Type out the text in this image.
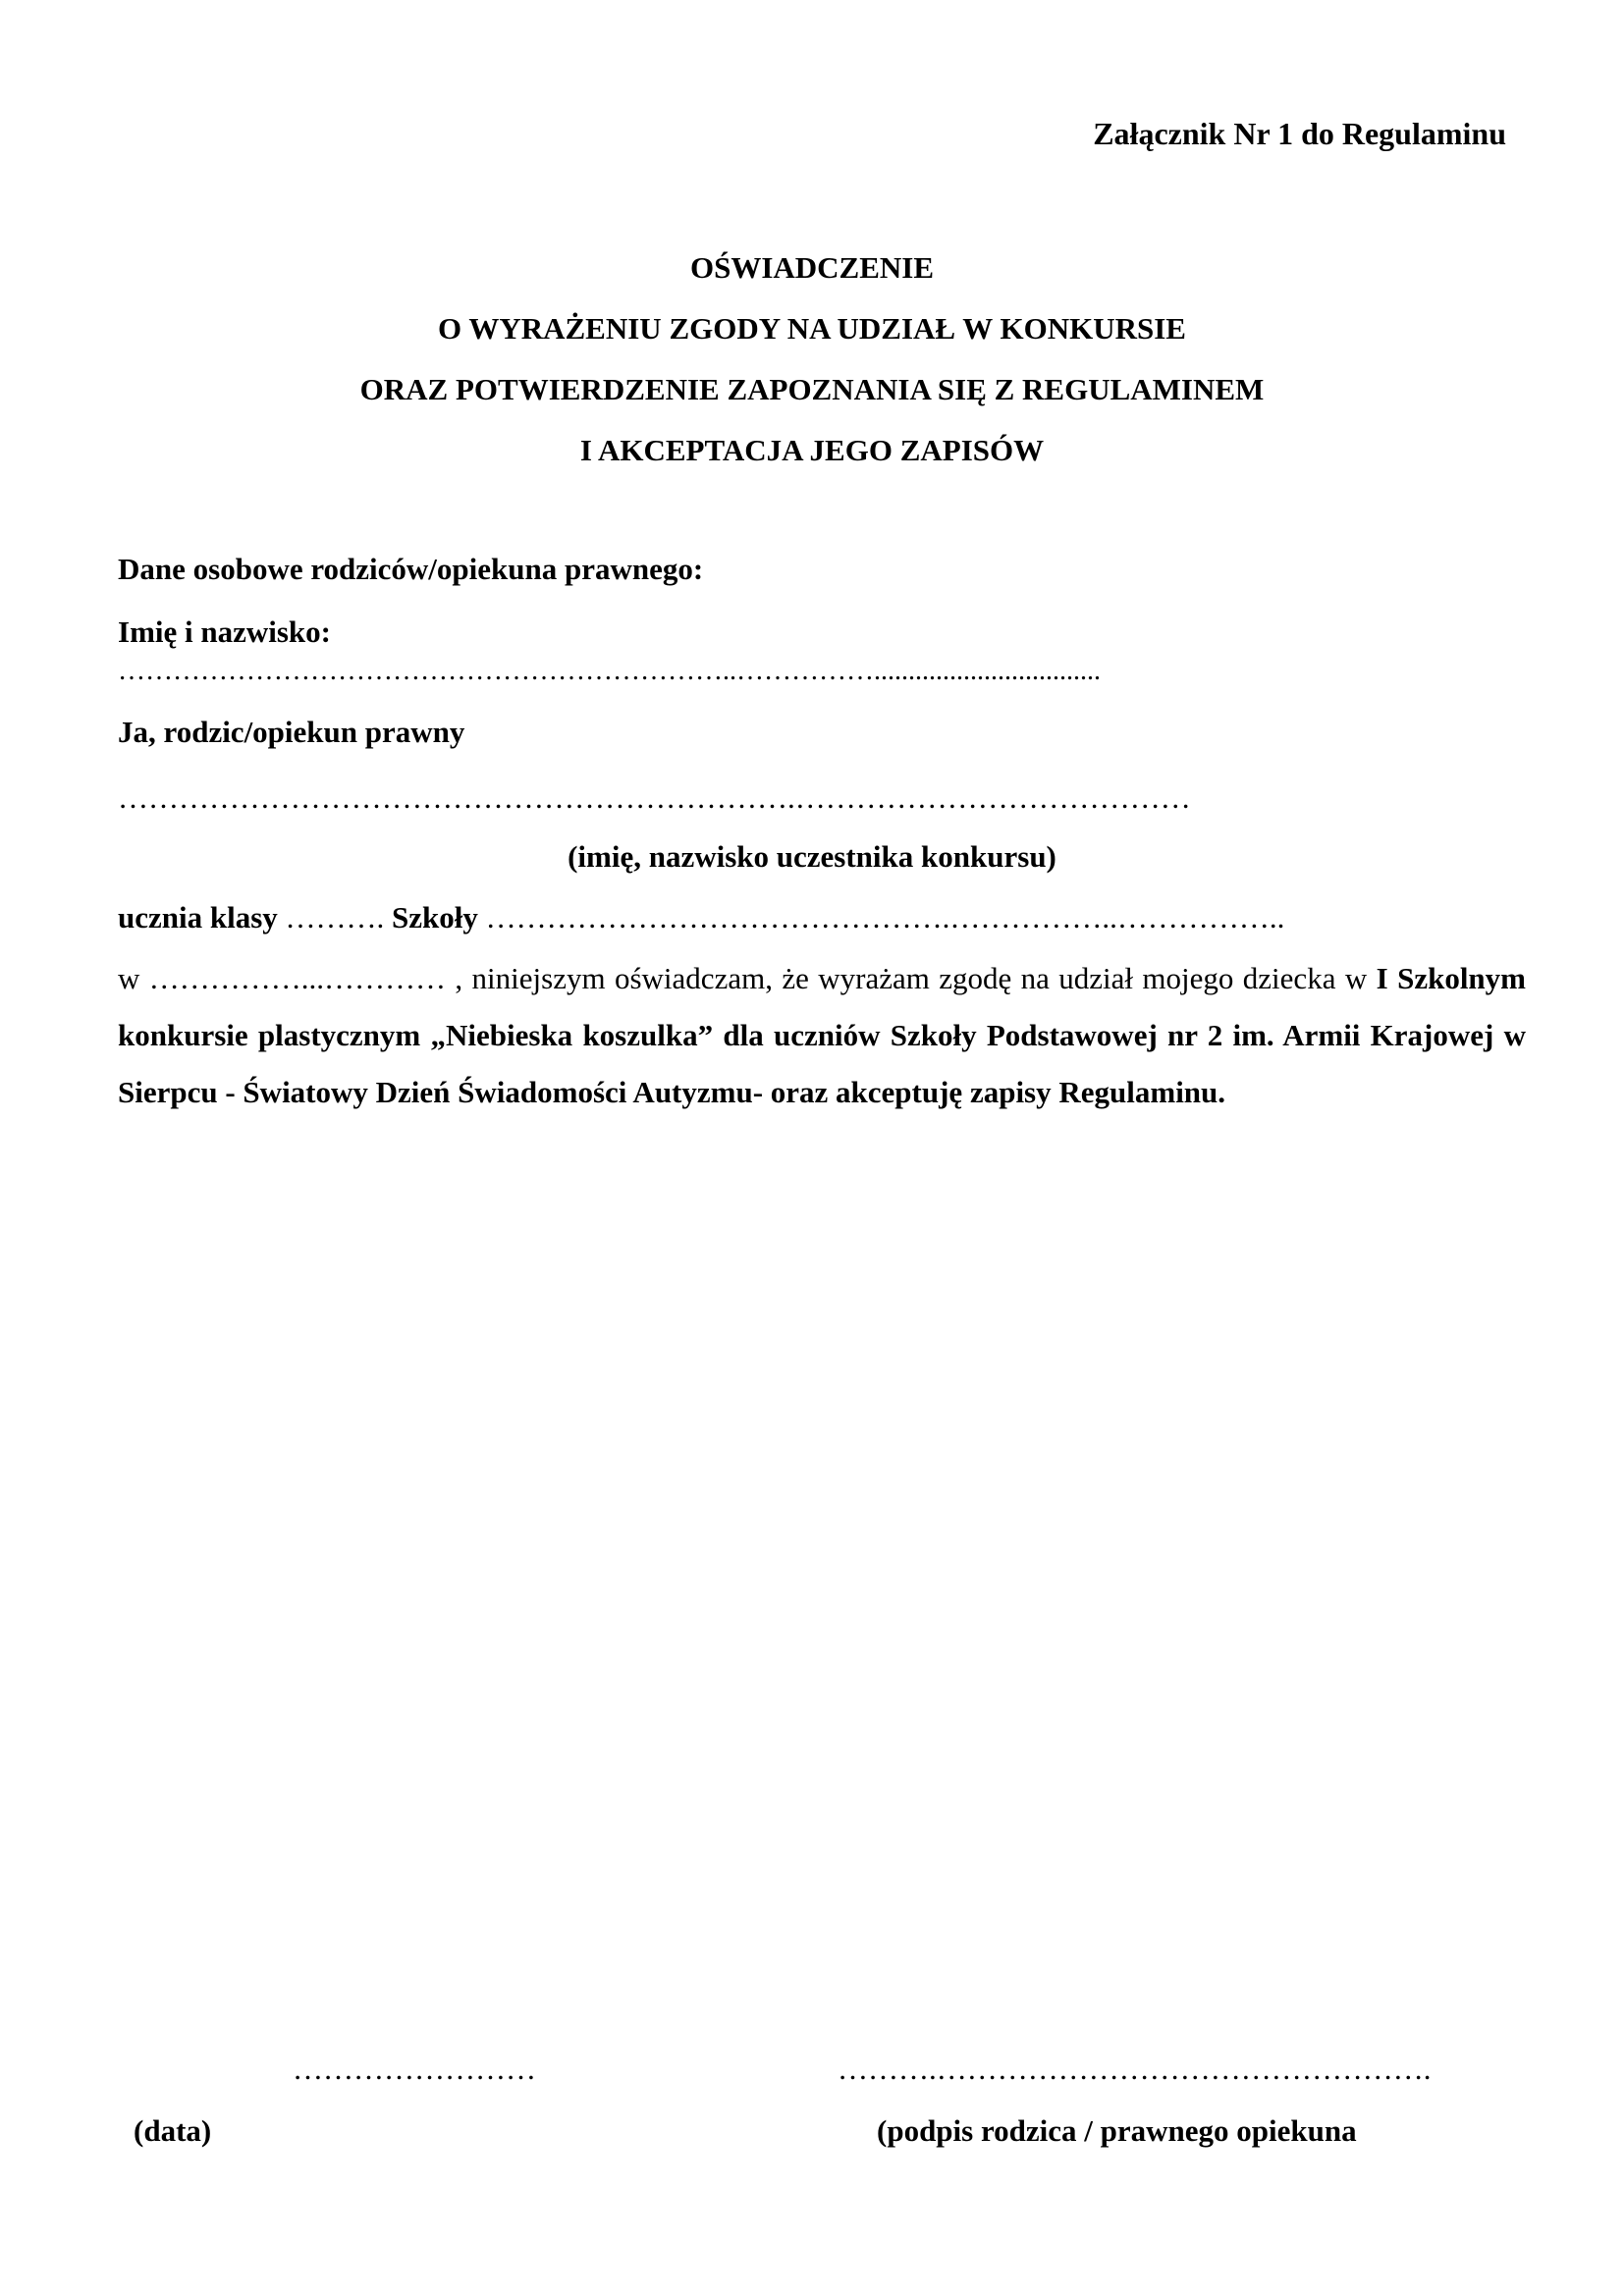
Załącznik Nr 1 do Regulaminu
OŚWIADCZENIE
O WYRAŻENIU ZGODY NA UDZIAŁ W KONKURSIE
ORAZ POTWIERDZENIE ZAPOZNANIA SIĘ Z REGULAMINEM
I AKCEPTACJA JEGO ZAPISÓW
Dane osobowe rodziców/opiekuna prawnego:
Imię i nazwisko:
…………………………………………………………..…………….................................
Ja, rodzic/opiekun prawny
………………………………………………………….…………………………………
(imię, nazwisko uczestnika konkursu)
ucznia klasy ………. Szkoły ……………………………………….……………..……………..
w ……………...………… , niniejszym oświadczam, że wyrażam zgodę na udział mojego dziecka w I Szkolnym konkursie plastycznym „Niebieska koszulka” dla uczniów Szkoły Podstawowej nr 2 im. Armii Krajowej w Sierpcu - Światowy Dzień Świadomości Autyzmu- oraz akceptuję zapisy Regulaminu.
……………………	……….………………………………………….
(data)	(podpis rodzica / prawnego opiekuna
